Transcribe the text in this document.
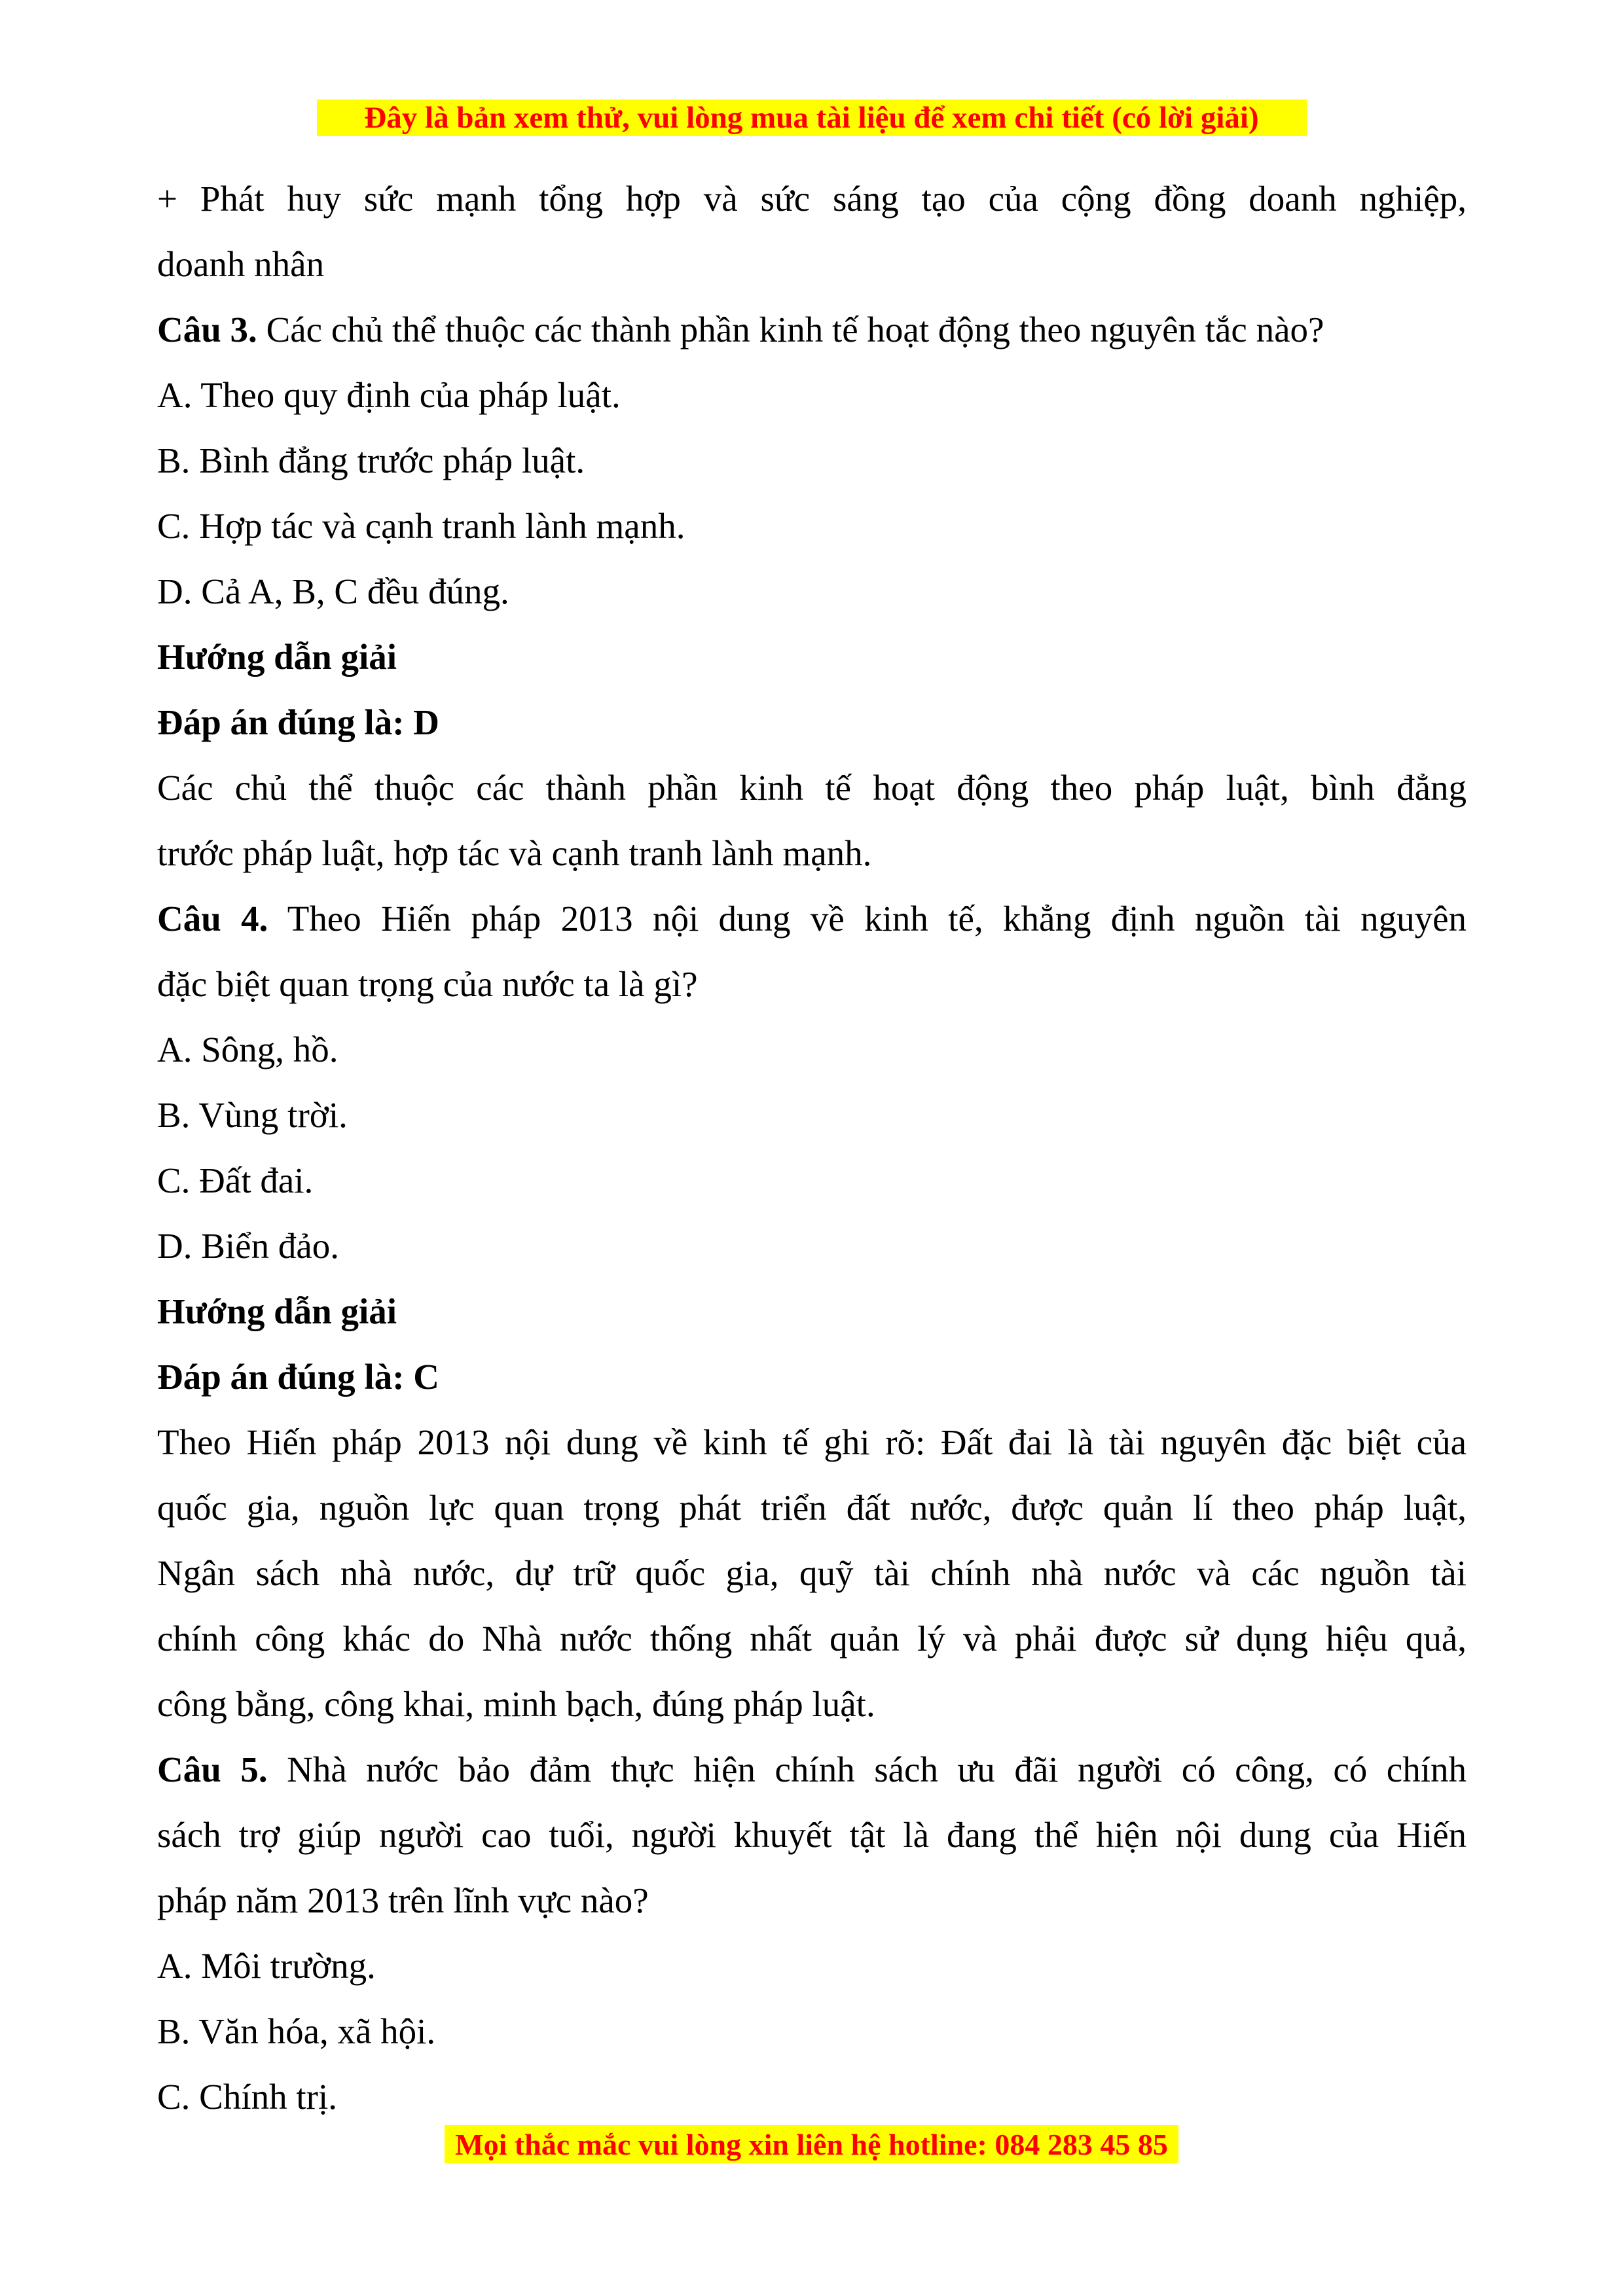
Đây là bản xem thử, vui lòng mua tài liệu để xem chi tiết (có lời giải)
+ Phát huy sức mạnh tổng hợp và sức sáng tạo của cộng đồng doanh nghiệp,
doanh nhân
Câu 3. Các chủ thể thuộc các thành phần kinh tế hoạt động theo nguyên tắc nào?
A. Theo quy định của pháp luật.
B. Bình đẳng trước pháp luật.
C. Hợp tác và cạnh tranh lành mạnh.
D. Cả A, B, C đều đúng.
Hướng dẫn giải
Đáp án đúng là: D
Các chủ thể thuộc các thành phần kinh tế hoạt động theo pháp luật, bình đẳng
trước pháp luật, hợp tác và cạnh tranh lành mạnh.
Câu 4. Theo Hiến pháp 2013 nội dung về kinh tế, khẳng định nguồn tài nguyên
đặc biệt quan trọng của nước ta là gì?
A. Sông, hồ.
B. Vùng trời.
C. Đất đai.
D. Biển đảo.
Hướng dẫn giải
Đáp án đúng là: C
Theo Hiến pháp 2013 nội dung về kinh tế ghi rõ: Đất đai là tài nguyên đặc biệt của
quốc gia, nguồn lực quan trọng phát triển đất nước, được quản lí theo pháp luật,
Ngân sách nhà nước, dự trữ quốc gia, quỹ tài chính nhà nước và các nguồn tài
chính công khác do Nhà nước thống nhất quản lý và phải được sử dụng hiệu quả,
công bằng, công khai, minh bạch, đúng pháp luật.
Câu 5. Nhà nước bảo đảm thực hiện chính sách ưu đãi người có công, có chính
sách trợ giúp người cao tuổi, người khuyết tật là đang thể hiện nội dung của Hiến
pháp năm 2013 trên lĩnh vực nào?
A. Môi trường.
B. Văn hóa, xã hội.
C. Chính trị.
Mọi thắc mắc vui lòng xin liên hệ hotline: 084 283 45 85
